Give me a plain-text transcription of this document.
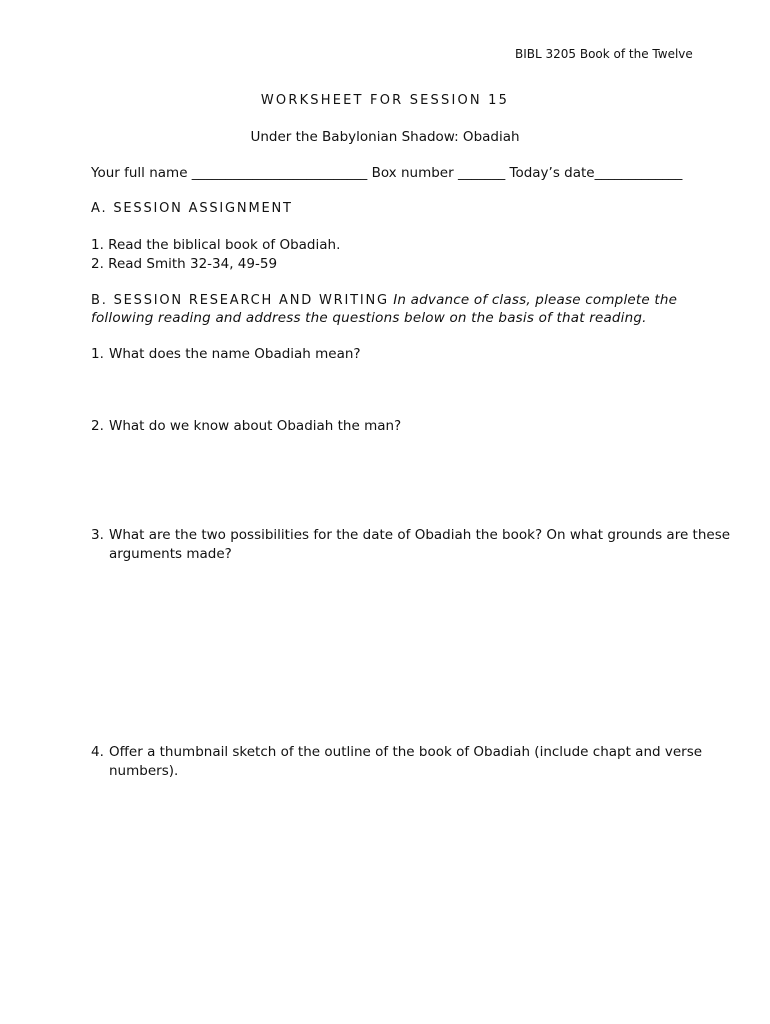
BIBL 3205 Book of the Twelve
WORKSHEET FOR SESSION 15
Under the Babylonian Shadow: Obadiah
Your full name __________________________ Box number _______ Today’s date_____________
A. SESSION ASSIGNMENT
1. Read the biblical book of Obadiah.
2. Read Smith 32-34, 49-59
B. SESSION RESEARCH AND WRITING In advance of class, please complete the
following reading and address the questions below on the basis of that reading.
1. What does the name Obadiah mean?
2. What do we know about Obadiah the man?
3. What are the two possibilities for the date of Obadiah the book? On what grounds are these
arguments made?
4. Offer a thumbnail sketch of the outline of the book of Obadiah (include chapt and verse
numbers).
